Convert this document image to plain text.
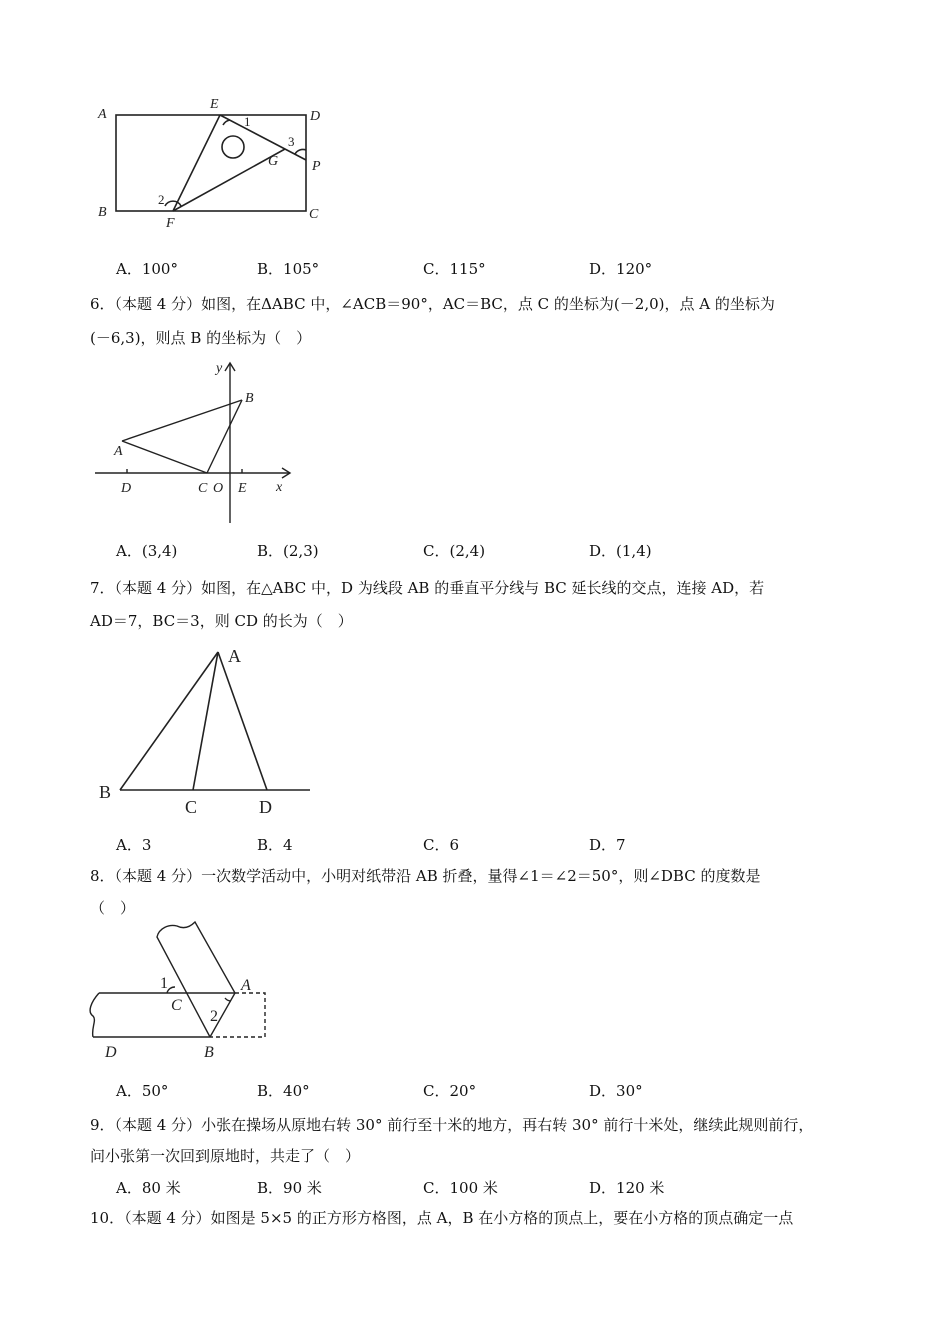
A
E
D
P
G
B
F
C
1
2
3
A．100°	B．105°	C．115°	D．120°
6．（本题 4 分）如图，在ΔABC 中，∠ACB＝90°，AC＝BC，点 C 的坐标为(－2,0)，点 A 的坐标为
(－6,3)，则点 B 的坐标为（　）
y
x
A
B
D	C O E
A．(3,4)	B．(2,3)	C．(2,4)	D．(1,4)
7．（本题 4 分）如图，在△ABC 中，D 为线段 AB 的垂直平分线与 BC 延长线的交点，连接 AD，若
AD＝7，BC＝3，则 CD 的长为（　）
A
B
C	D
A．3	B．4	C．6	D．7
8．（本题 4 分）一次数学活动中，小明对纸带沿 AB 折叠，量得∠1＝∠2＝50°，则∠DBC 的度数是
（　）
A
B
C
D
1
2
A．50°	B．40°	C．20°	D．30°
9．（本题 4 分）小张在操场从原地右转 30° 前行至十米的地方，再右转 30° 前行十米处，继续此规则前行，
问小张第一次回到原地时，共走了（　）
A．80 米	B．90 米	C．100 米	D．120 米
10．（本题 4 分）如图是 5×5 的正方形方格图，点 A，B 在小方格的顶点上，要在小方格的顶点确定一点
